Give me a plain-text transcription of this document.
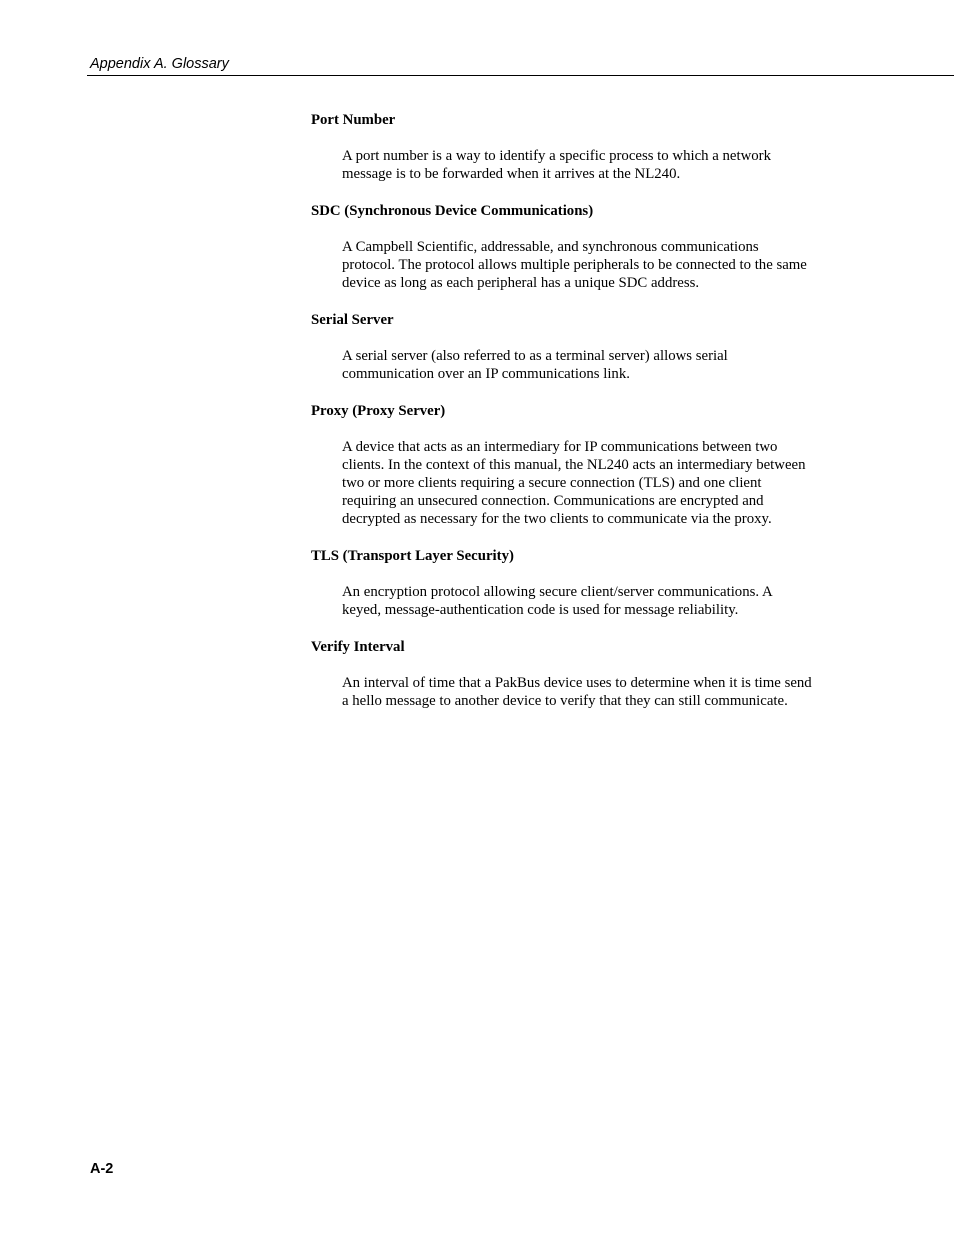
Appendix A. Glossary

Port Number

A port number is a way to identify a specific process to which a network message is to be forwarded when it arrives at the NL240.

SDC (Synchronous Device Communications)

A Campbell Scientific, addressable, and synchronous communications protocol. The protocol allows multiple peripherals to be connected to the same device as long as each peripheral has a unique SDC address.

Serial Server

A serial server (also referred to as a terminal server) allows serial communication over an IP communications link.

Proxy (Proxy Server)

A device that acts as an intermediary for IP communications between two clients. In the context of this manual, the NL240 acts an intermediary between two or more clients requiring a secure connection (TLS) and one client requiring an unsecured connection. Communications are encrypted and decrypted as necessary for the two clients to communicate via the proxy.

TLS (Transport Layer Security)

An encryption protocol allowing secure client/server communications. A keyed, message-authentication code is used for message reliability.

Verify Interval

An interval of time that a PakBus device uses to determine when it is time send a hello message to another device to verify that they can still communicate.

A-2
